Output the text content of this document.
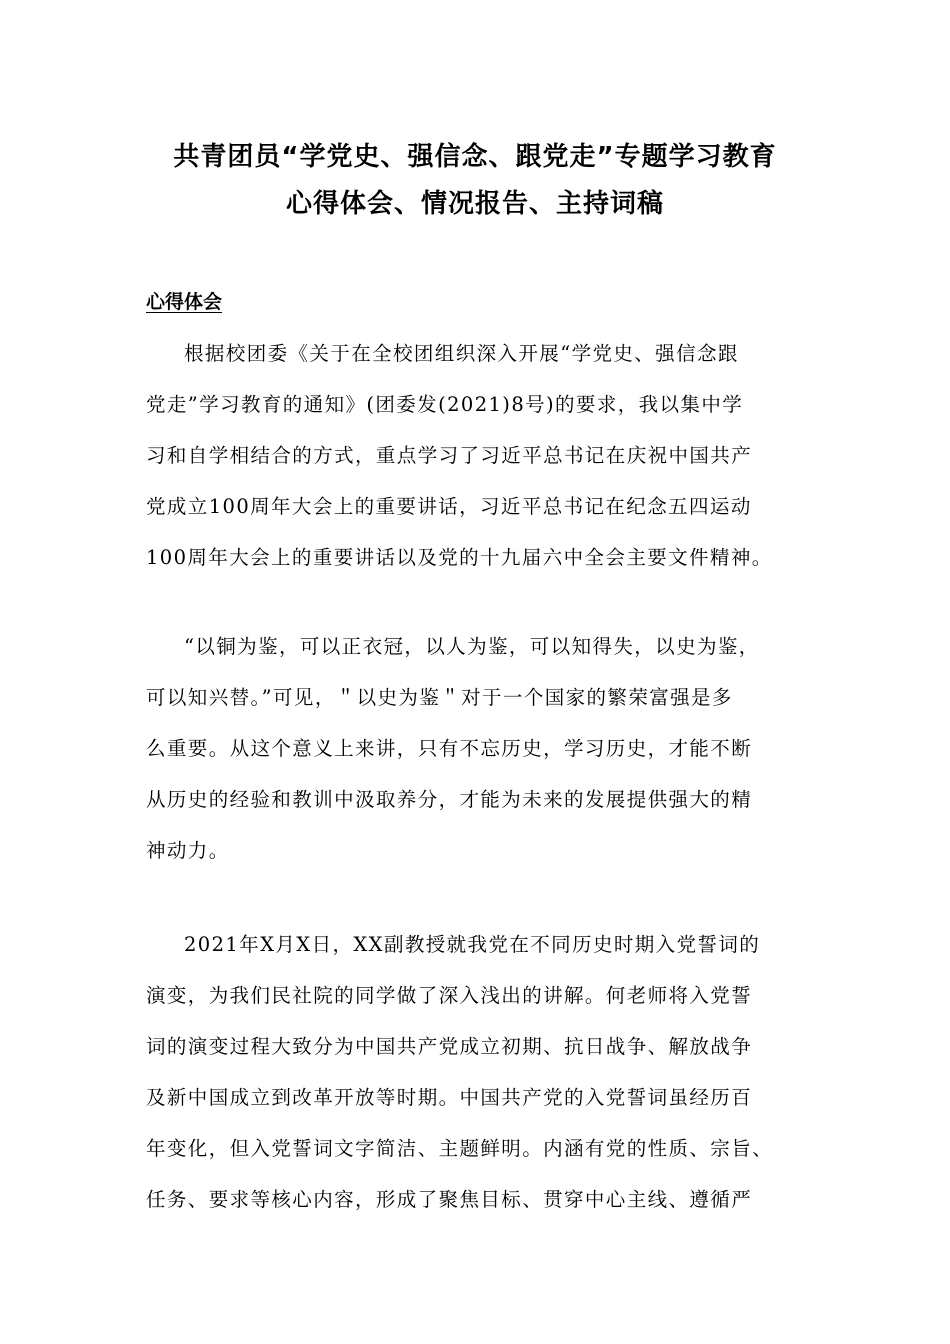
共青团员“学党史、强信念、跟党走”专题学习教育
心得体会、情况报告、主持词稿
心得体会
根据校团委《关于在全校团组织深入开展“学党史、强信念跟
党走”学习教育的通知》(团委发(2021)8号)的要求，我以集中学
习和自学相结合的方式，重点学习了习近平总书记在庆祝中国共产
党成立100周年大会上的重要讲话，习近平总书记在纪念五四运动
100周年大会上的重要讲话以及党的十九届六中全会主要文件精神。
“以铜为鉴，可以正衣冠，以人为鉴，可以知得失，以史为鉴，
可以知兴替。”可见，＂以史为鉴＂对于一个国家的繁荣富强是多
么重要。从这个意义上来讲，只有不忘历史，学习历史，才能不断
从历史的经验和教训中汲取养分，才能为未来的发展提供强大的精
神动力。
2021年X月X日，XX副教授就我党在不同历史时期入党誓词的
演变，为我们民社院的同学做了深入浅出的讲解。何老师将入党誓
词的演变过程大致分为中国共产党成立初期、抗日战争、解放战争
及新中国成立到改革开放等时期。中国共产党的入党誓词虽经历百
年变化，但入党誓词文字简洁、主题鲜明。内涵有党的性质、宗旨、
任务、要求等核心内容，形成了聚焦目标、贯穿中心主线、遵循严
